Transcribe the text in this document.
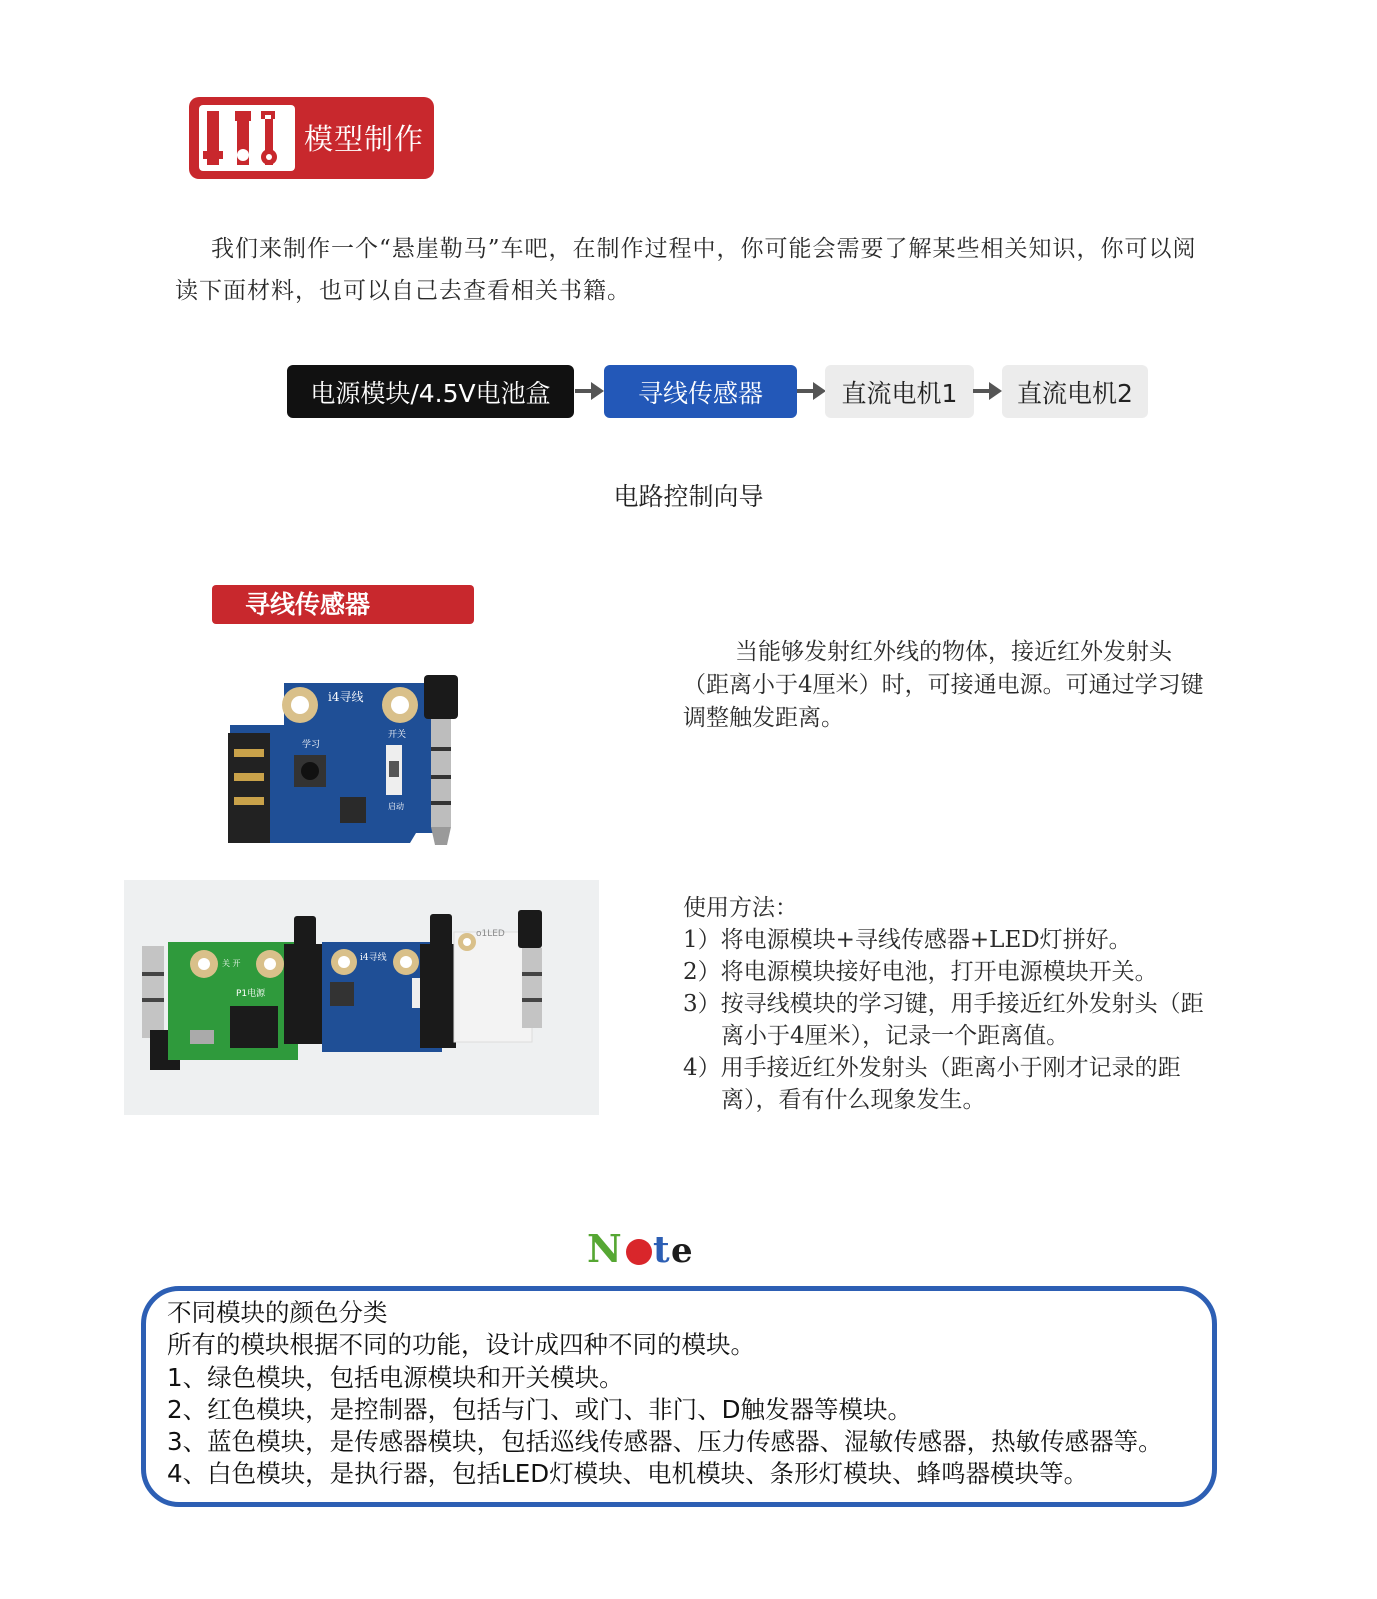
模型制作
我们来制作一个“悬崖勒马”车吧，在制作过程中，你可能会需要了解某些相关知识，你可以阅读下面材料，也可以自己去查看相关书籍。
电源模块/4.5V电池盒	寻线传感器	直流电机1	直流电机2
电路控制向导
寻线传感器
i4寻线
学习
开关
启动
关 开
P1电源
i4寻线
o1LED
当能够发射红外线的物体，接近红外发射头（距离小于4厘米）时，可接通电源。可通过学习键调整触发距离。
使用方法：
1）将电源模块+寻线传感器+LED灯拼好。
2）将电源模块接好电池，打开电源模块开关。
3）按寻线模块的学习键，用手接近红外发射头（距离小于4厘米），记录一个距离值。
4）用手接近红外发射头（距离小于刚才记录的距离），看有什么现象发生。
N o t e
不同模块的颜色分类
所有的模块根据不同的功能，设计成四种不同的模块。
1、绿色模块，包括电源模块和开关模块。
2、红色模块，是控制器，包括与门、或门、非门、D触发器等模块。
3、蓝色模块，是传感器模块，包括巡线传感器、压力传感器、湿敏传感器，热敏传感器等。
4、白色模块，是执行器，包括LED灯模块、电机模块、条形灯模块、蜂鸣器模块等。
